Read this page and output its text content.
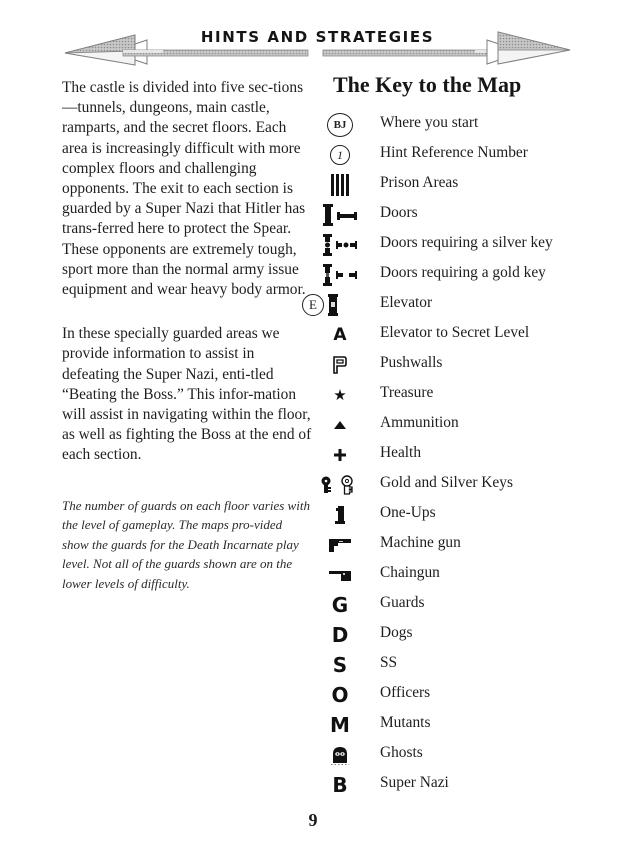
HINTS AND STRATEGIES

The castle is divided into five sec-tions—tunnels, dungeons, main castle, ramparts, and the secret floors. Each area is increasingly difficult with more complex floors and challenging opponents. The exit to each section is guarded by a Super Nazi that Hitler has trans-ferred here to protect the Spear. These opponents are extremely tough, sport more than the normal army issue equipment and wear heavy body armor.

In these specially guarded areas we provide information to assist in defeating the Super Nazi, enti-tled “Beating the Boss.” This infor-mation will assist in navigating within the floor, as well as fighting the Boss at the end of each section.

The number of guards on each floor varies with the level of gameplay. The maps pro-vided show the guards for the Death Incarnate play level. Not all of the guards shown are on the lower levels of difficulty.

The Key to the Map
BJ	Where you start
1	Hint Reference Number
Prison Areas
Doors
Doors requiring a silver key
Doors requiring a gold key
E	Elevator
A Elevator to Secret Level
Pushwalls
★ Treasure
Ammunition
Health
Gold and Silver Keys
One-Ups
Machine gun
Chaingun
G Guards
D Dogs
S SS
O Officers
M Mutants
Ghosts
B Super Nazi
9
